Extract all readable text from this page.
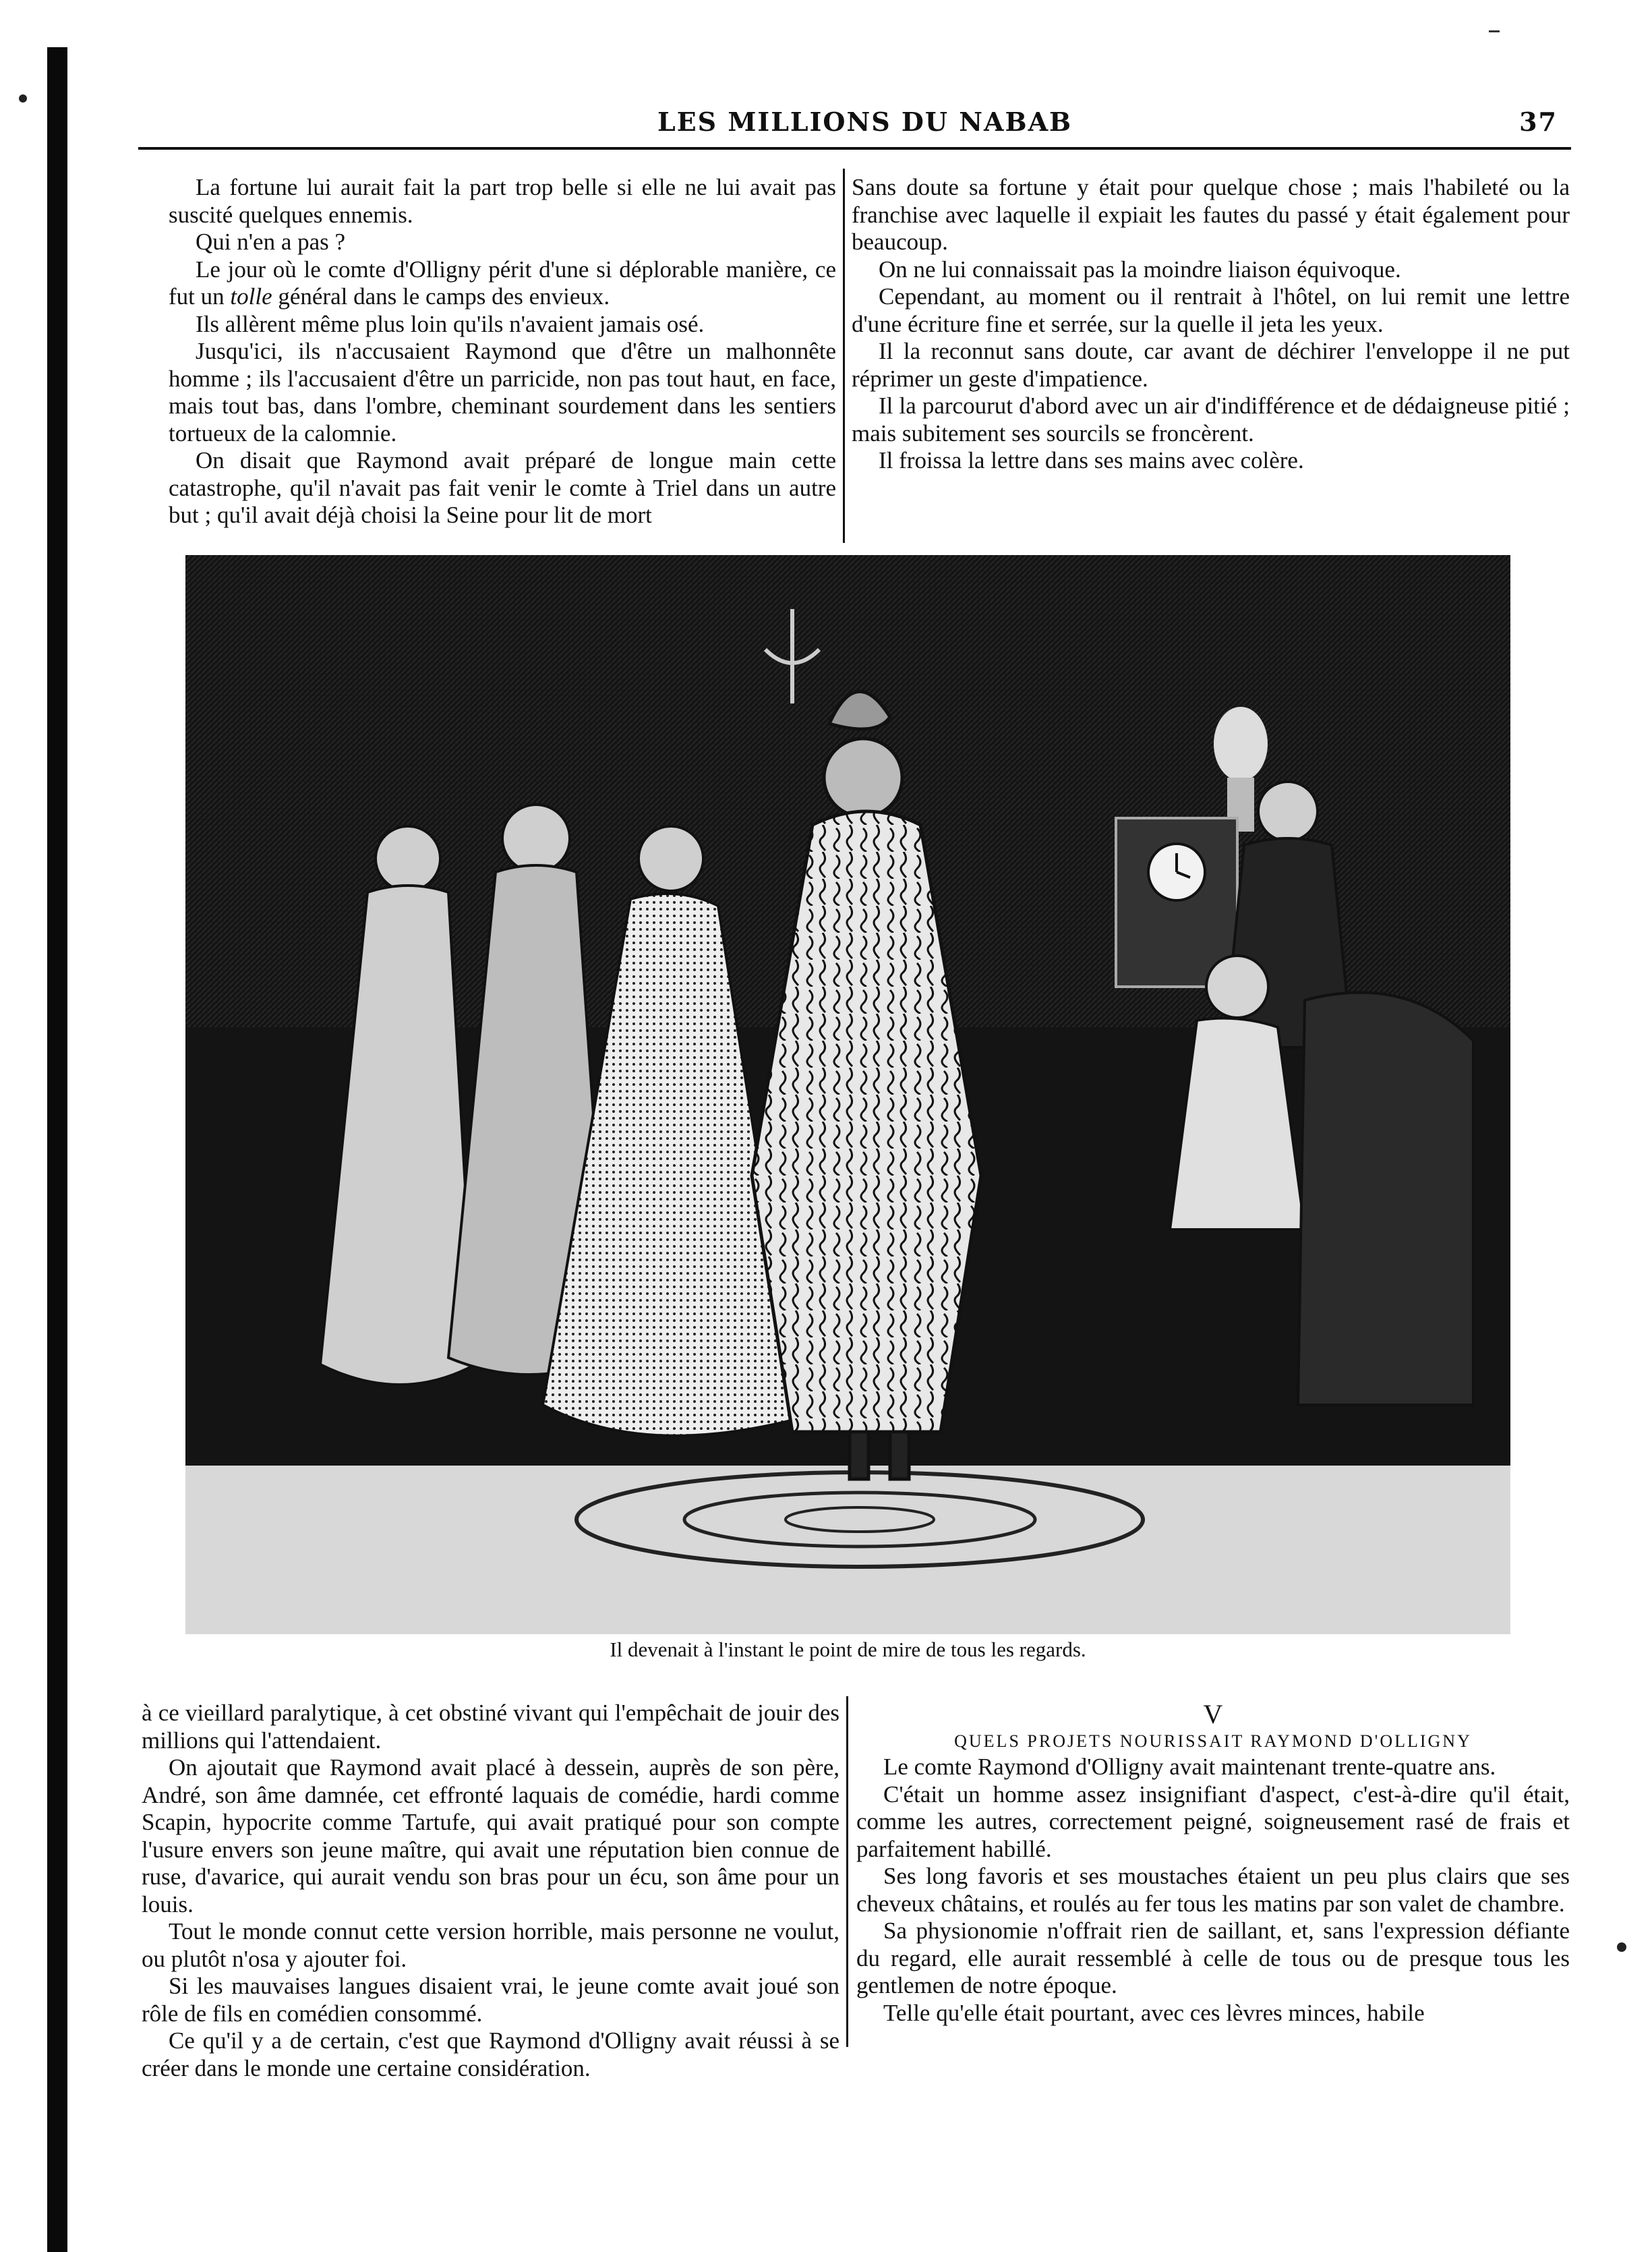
LES MILLIONS DU NABAB	37

La fortune lui aurait fait la part trop belle si elle ne lui avait pas suscité quelques ennemis.

Qui n'en a pas ?

Le jour où le comte d'Olligny périt d'une si déplorable manière, ce fut un tolle général dans le camps des envieux.

Ils allèrent même plus loin qu'ils n'avaient jamais osé.

Jusqu'ici, ils n'accusaient Raymond que d'être un malhonnête homme ; ils l'accusaient d'être un parricide, non pas tout haut, en face, mais tout bas, dans l'ombre, cheminant sourdement dans les sentiers tortueux de la calomnie.

On disait que Raymond avait préparé de longue main cette catastrophe, qu'il n'avait pas fait venir le comte à Triel dans un autre but ; qu'il avait déjà choisi la Seine pour lit de mort

Sans doute sa fortune y était pour quelque chose ; mais l'habileté ou la franchise avec laquelle il expiait les fautes du passé y était également pour beaucoup.

On ne lui connaissait pas la moindre liaison équivoque.

Cependant, au moment ou il rentrait à l'hôtel, on lui remit une lettre d'une écriture fine et serrée, sur la quelle il jeta les yeux.

Il la reconnut sans doute, car avant de déchirer l'enveloppe il ne put réprimer un geste d'impatience.

Il la parcourut d'abord avec un air d'indifférence et de dédaigneuse pitié ; mais subitement ses sourcils se froncèrent.

Il froissa la lettre dans ses mains avec colère.

Il devenait à l'instant le point de mire de tous les regards.

à ce vieillard paralytique, à cet obstiné vivant qui l'empêchait de jouir des millions qui l'attendaient.

On ajoutait que Raymond avait placé à dessein, auprès de son père, André, son âme damnée, cet effronté laquais de comédie, hardi comme Scapin, hypocrite comme Tartufe, qui avait pratiqué pour son compte l'usure envers son jeune maître, qui avait une réputation bien connue de ruse, d'avarice, qui aurait vendu son bras pour un écu, son âme pour un louis.

Tout le monde connut cette version horrible, mais personne ne voulut, ou plutôt n'osa y ajouter foi.

Si les mauvaises langues disaient vrai, le jeune comte avait joué son rôle de fils en comédien consommé.

Ce qu'il y a de certain, c'est que Raymond d'Olligny avait réussi à se créer dans le monde une certaine considération.

V

QUELS PROJETS NOURISSAIT RAYMOND D'OLLIGNY

Le comte Raymond d'Olligny avait maintenant trente-quatre ans.

C'était un homme assez insignifiant d'aspect, c'est-à-dire qu'il était, comme les autres, correctement peigné, soigneusement rasé de frais et parfaitement habillé.

Ses long favoris et ses moustaches étaient un peu plus clairs que ses cheveux châtains, et roulés au fer tous les matins par son valet de chambre.

Sa physionomie n'offrait rien de saillant, et, sans l'expression défiante du regard, elle aurait ressemblé à celle de tous ou de presque tous les gentlemen de notre époque.

Telle qu'elle était pourtant, avec ces lèvres minces, habile
